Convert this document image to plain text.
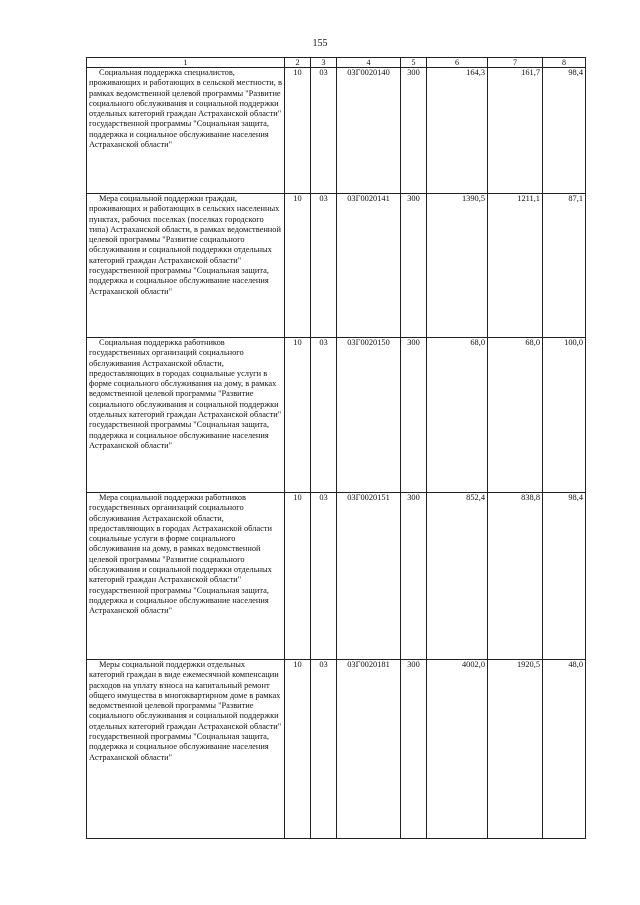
155
1	2	3	4	5	6	7	8
Социальная поддержка специалистов, проживающих и работающих в сельской местности, в рамках ведомственной целевой программы "Развитие социального обслуживания и социальной поддержки отдельных категорий граждан Астраханской области" государственной программы "Социальная защита, поддержка и социальное обслуживание населения Астраханской области"	10	03	03Г0020140	300	164,3	161,7	98,4
Мера социальной поддержки граждан, проживающих и работающих в сельских населенных пунктах, рабочих поселках (поселках городского типа) Астраханской области, в рамках ведомственной целевой программы "Развитие социального обслуживания и социальной поддержки отдельных категорий граждан Астраханской области" государственной программы "Социальная защита, поддержка и социальное обслуживание населения Астраханской области"	10	03	03Г0020141	300	1390,5	1211,1	87,1
Социальная поддержка работников государственных организаций социального обслуживания Астраханской области, предоставляющих в городах социальные услуги в форме социального обслуживания на дому, в рамках ведомственной целевой программы "Развитие социального обслуживания и социальной поддержки отдельных категорий граждан Астраханской области" государственной программы "Социальная защита, поддержка и социальное обслуживание населения Астраханской области"	10	03	03Г0020150	300	68,0	68,0	100,0
Мера социальной поддержки работников государственных организаций социального обслуживания Астраханской области, предоставляющих в городах Астраханской области социальные услуги в форме социального обслуживания на дому, в рамках ведомственной целевой программы "Развитие социального обслуживания и социальной поддержки отдельных категорий граждан Астраханской области" государственной программы "Социальная защита, поддержка и социальное обслуживание населения Астраханской области"	10	03	03Г0020151	300	852,4	838,8	98,4
Меры социальной поддержки отдельных категорий граждан в виде ежемесячной компенсации расходов на уплату взноса на капитальный ремонт общего имущества в многоквартирном доме в рамках ведомственной целевой программы "Развитие социального обслуживания и социальной поддержки отдельных категорий граждан Астраханской области" государственной программы "Социальная защита, поддержка и социальное обслуживание населения Астраханской области"	10	03	03Г0020181	300	4002,0	1920,5	48,0
